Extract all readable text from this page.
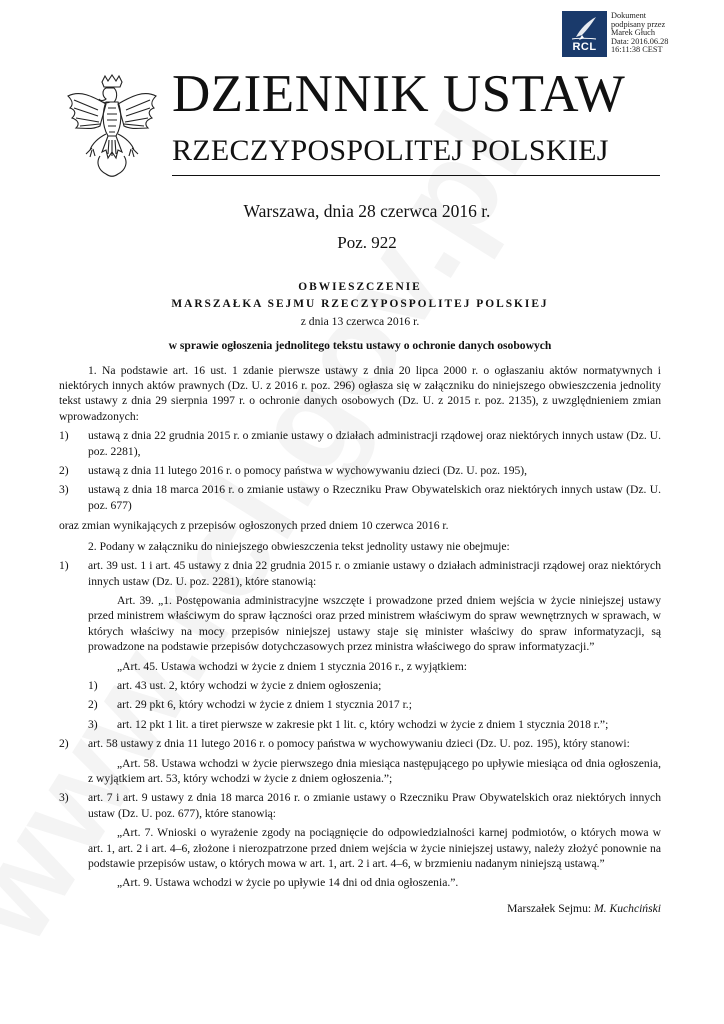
RCL
Dokument
podpisany przez
Marek Głuch
Data: 2016.06.28
16:11:38 CEST
DZIENNIK USTAW
RZECZYPOSPOLITEJ POLSKIEJ
Warszawa, dnia 28 czerwca 2016 r.
Poz. 922
OBWIESZCZENIE
MARSZAŁKA SEJMU RZECZYPOSPOLITEJ POLSKIEJ
z dnia 13 czerwca 2016 r.
w sprawie ogłoszenia jednolitego tekstu ustawy o ochronie danych osobowych
1. Na podstawie art. 16 ust. 1 zdanie pierwsze ustawy z dnia 20 lipca 2000 r. o ogłaszaniu aktów normatywnych i niektórych innych aktów prawnych (Dz. U. z 2016 r. poz. 296) ogłasza się w załączniku do niniejszego obwieszczenia jednolity tekst ustawy z dnia 29 sierpnia 1997 r. o ochronie danych osobowych (Dz. U. z 2015 r. poz. 2135), z uwzględnieniem zmian wprowadzonych:
1)	ustawą z dnia 22 grudnia 2015 r. o zmianie ustawy o działach administracji rządowej oraz niektórych innych ustaw (Dz. U. poz. 2281),
2)	ustawą z dnia 11 lutego 2016 r. o pomocy państwa w wychowywaniu dzieci (Dz. U. poz. 195),
3)	ustawą z dnia 18 marca 2016 r. o zmianie ustawy o Rzeczniku Praw Obywatelskich oraz niektórych innych ustaw (Dz. U. poz. 677)
oraz zmian wynikających z przepisów ogłoszonych przed dniem 10 czerwca 2016 r.
2. Podany w załączniku do niniejszego obwieszczenia tekst jednolity ustawy nie obejmuje:
1)	art. 39 ust. 1 i art. 45 ustawy z dnia 22 grudnia 2015 r. o zmianie ustawy o działach administracji rządowej oraz niektórych innych ustaw (Dz. U. poz. 2281), które stanowią:
Art. 39. „1. Postępowania administracyjne wszczęte i prowadzone przed dniem wejścia w życie niniejszej ustawy przed ministrem właściwym do spraw łączności oraz przed ministrem właściwym do spraw wewnętrznych w sprawach, w których właściwy na mocy przepisów niniejszej ustawy staje się minister właściwy do spraw informatyzacji, są prowadzone na podstawie przepisów dotychczasowych przez ministra właściwego do spraw informatyzacji.”
„Art. 45. Ustawa wchodzi w życie z dniem 1 stycznia 2016 r., z wyjątkiem:
1)	art. 43 ust. 2, który wchodzi w życie z dniem ogłoszenia;
2)	art. 29 pkt 6, który wchodzi w życie z dniem 1 stycznia 2017 r.;
3)	art. 12 pkt 1 lit. a tiret pierwsze w zakresie pkt 1 lit. c, który wchodzi w życie z dniem 1 stycznia 2018 r.”;
2)	art. 58 ustawy z dnia 11 lutego 2016 r. o pomocy państwa w wychowywaniu dzieci (Dz. U. poz. 195), który stanowi:
„Art. 58. Ustawa wchodzi w życie pierwszego dnia miesiąca następującego po upływie miesiąca od dnia ogłoszenia, z wyjątkiem art. 53, który wchodzi w życie z dniem ogłoszenia.”;
3)	art. 7 i art. 9 ustawy z dnia 18 marca 2016 r. o zmianie ustawy o Rzeczniku Praw Obywatelskich oraz niektórych innych ustaw (Dz. U. poz. 677), które stanowią:
„Art. 7. Wnioski o wyrażenie zgody na pociągnięcie do odpowiedzialności karnej podmiotów, o których mowa w art. 1, art. 2 i art. 4–6, złożone i nierozpatrzone przed dniem wejścia w życie niniejszej ustawy, należy złożyć ponownie na podstawie przepisów ustaw, o których mowa w art. 1, art. 2 i art. 4–6, w brzmieniu nadanym niniejszą ustawą.”
„Art. 9. Ustawa wchodzi w życie po upływie 14 dni od dnia ogłoszenia.”.
Marszałek Sejmu: M. Kuchciński
